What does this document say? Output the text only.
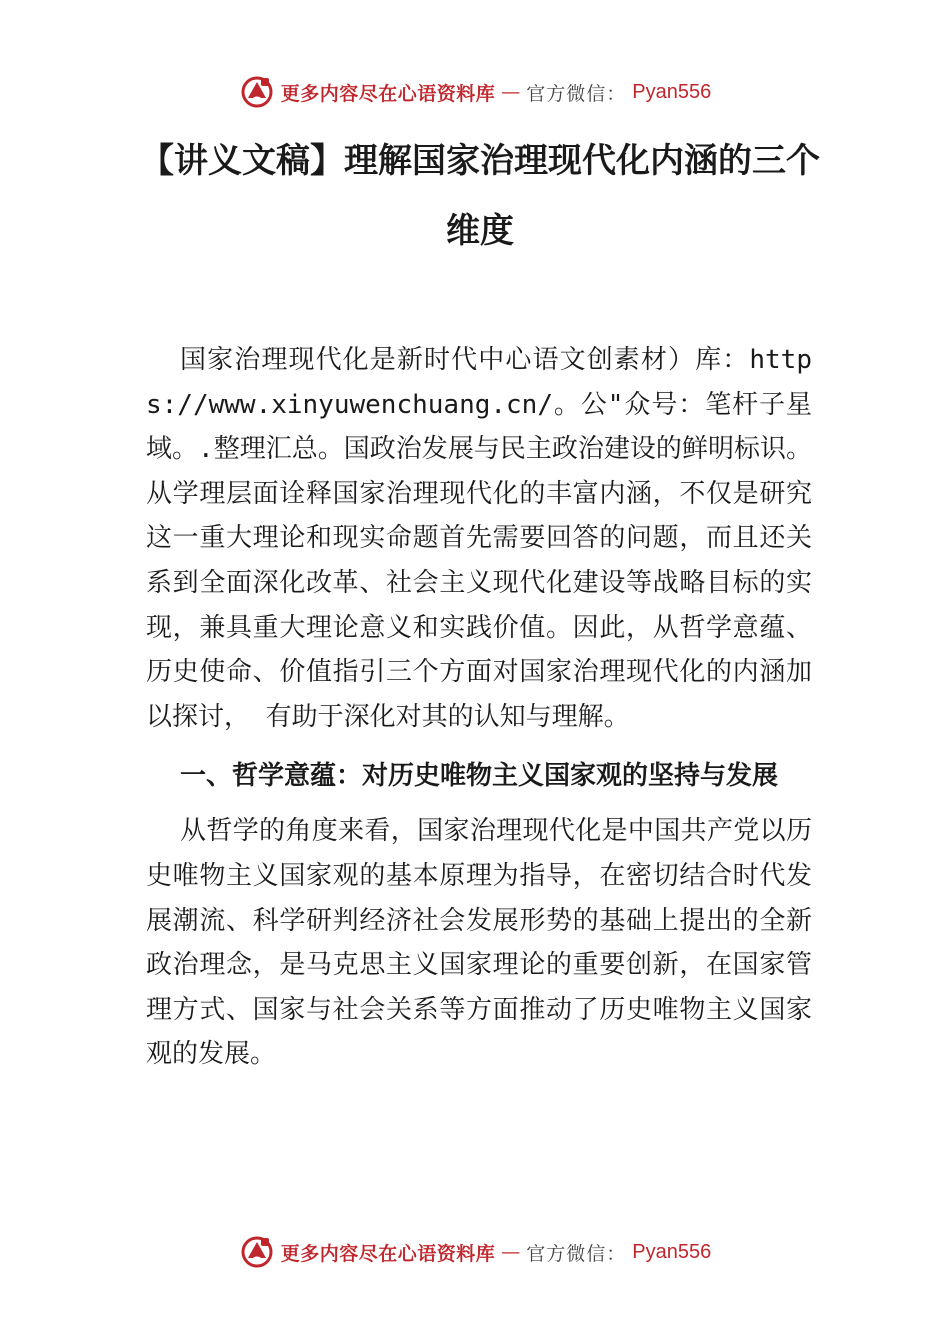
更多内容尽在心语资料库 — 官方微信： Pyan556
【讲义文稿】理解国家治理现代化内涵的三个维度

国家治理现代化是新时代中心语文创素材）库：https://www.xinyuwenchuang.cn/。公"众号：笔杆子星域。.整理汇总。国政治发展与民主政治建设的鲜明标识。从学理层面诠释国家治理现代化的丰富内涵，不仅是研究这一重大理论和现实命题首先需要回答的问题，而且还关系到全面深化改革、社会主义现代化建设等战略目标的实现，兼具重大理论意义和实践价值。因此，从哲学意蕴、历史使命、价值指引三个方面对国家治理现代化的内涵加以探讨， 有助于深化对其的认知与理解。

一、哲学意蕴：对历史唯物主义国家观的坚持与发展

从哲学的角度来看，国家治理现代化是中国共产党以历史唯物主义国家观的基本原理为指导，在密切结合时代发展潮流、科学研判经济社会发展形势的基础上提出的全新政治理念，是马克思主义国家理论的重要创新，在国家管理方式、国家与社会关系等方面推动了历史唯物主义国家观的发展。

更多内容尽在心语资料库 — 官方微信： Pyan556
